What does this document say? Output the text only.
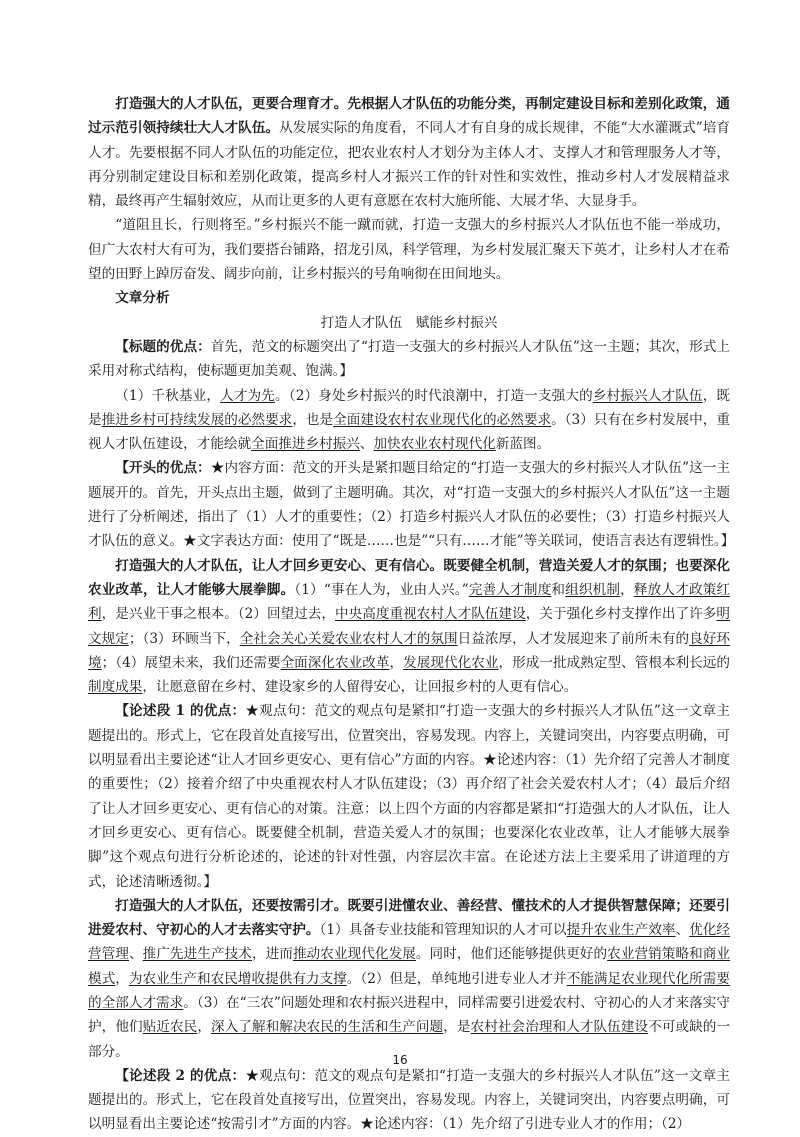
打造强大的人才队伍，更要合理育才。先根据人才队伍的功能分类，再制定建设目标和差别化政策，通过示范引领持续壮大人才队伍。从发展实际的角度看，不同人才有自身的成长规律，不能“大水灌溉式”培育人才。先要根据不同人才队伍的功能定位，把农业农村人才划分为主体人才、支撑人才和管理服务人才等，再分别制定建设目标和差别化政策，提高乡村人才振兴工作的针对性和实效性，推动乡村人才发展精益求精，最终再产生辐射效应，从而让更多的人更有意愿在农村大施所能、大展才华、大显身手。

“道阻且长，行则将至。”乡村振兴不能一蹴而就，打造一支强大的乡村振兴人才队伍也不能一举成功，但广大农村大有可为，我们要搭台铺路，招龙引凤，科学管理，为乡村发展汇聚天下英才，让乡村人才在希望的田野上踔厉奋发、阔步向前，让乡村振兴的号角响彻在田间地头。

文章分析

打造人才队伍　赋能乡村振兴

【标题的优点：首先，范文的标题突出了“打造一支强大的乡村振兴人才队伍”这一主题；其次，形式上采用对称式结构，使标题更加美观、饱满。】

（1）千秋基业，人才为先。（2）身处乡村振兴的时代浪潮中，打造一支强大的乡村振兴人才队伍，既是推进乡村可持续发展的必然要求，也是全面建设农村农业现代化的必然要求。（3）只有在乡村发展中，重视人才队伍建设，才能绘就全面推进乡村振兴、加快农业农村现代化新蓝图。

【开头的优点：★内容方面：范文的开头是紧扣题目给定的“打造一支强大的乡村振兴人才队伍”这一主题展开的。首先，开头点出主题，做到了主题明确。其次，对“打造一支强大的乡村振兴人才队伍”这一主题进行了分析阐述，指出了（1）人才的重要性；（2）打造乡村振兴人才队伍的必要性；（3）打造乡村振兴人才队伍的意义。★文字表达方面：使用了“既是……也是”“只有……才能”等关联词，使语言表达有逻辑性。】

打造强大的人才队伍，让人才回乡更安心、更有信心。既要健全机制，营造关爱人才的氛围；也要深化农业改革，让人才能够大展拳脚。（1）“事在人为，业由人兴。”完善人才制度和组织机制，释放人才政策红利，是兴业干事之根本。（2）回望过去，中央高度重视农村人才队伍建设，关于强化乡村支撑作出了许多明文规定；（3）环顾当下，全社会关心关爱农业农村人才的氛围日益浓厚，人才发展迎来了前所未有的良好环境；（4）展望未来，我们还需要全面深化农业改革，发展现代化农业，形成一批成熟定型、管根本利长远的制度成果，让愿意留在乡村、建设家乡的人留得安心，让回报乡村的人更有信心。

【论述段 1 的优点：★观点句：范文的观点句是紧扣“打造一支强大的乡村振兴人才队伍”这一文章主题提出的。形式上，它在段首处直接写出，位置突出，容易发现。内容上，关键词突出，内容要点明确，可以明显看出主要论述“让人才回乡更安心、更有信心”方面的内容。★论述内容：（1）先介绍了完善人才制度的重要性；（2）接着介绍了中央重视农村人才队伍建设；（3）再介绍了社会关爱农村人才；（4）最后介绍了让人才回乡更安心、更有信心的对策。注意：以上四个方面的内容都是紧扣“打造强大的人才队伍，让人才回乡更安心、更有信心。既要健全机制，营造关爱人才的氛围；也要深化农业改革，让人才能够大展拳脚”这个观点句进行分析论述的，论述的针对性强，内容层次丰富。在论述方法上主要采用了讲道理的方式，论述清晰透彻。】

打造强大的人才队伍，还要按需引才。既要引进懂农业、善经营、懂技术的人才提供智慧保障；还要引进爱农村、守初心的人才去落实守护。（1）具备专业技能和管理知识的人才可以提升农业生产效率、优化经营管理、推广先进生产技术，进而推动农业现代化发展。同时，他们还能够提供更好的农业营销策略和商业模式，为农业生产和农民增收提供有力支撑。（2）但是，单纯地引进专业人才并不能满足农业现代化所需要的全部人才需求。（3）在“三农”问题处理和农村振兴进程中，同样需要引进爱农村、守初心的人才来落实守护，他们贴近农民，深入了解和解决农民的生活和生产问题，是农村社会治理和人才队伍建设不可或缺的一部分。

【论述段 2 的优点：★观点句：范文的观点句是紧扣“打造一支强大的乡村振兴人才队伍”这一文章主题提出的。形式上，它在段首处直接写出，位置突出，容易发现。内容上，关键词突出，内容要点明确，可以明显看出主要论述“按需引才”方面的内容。★论述内容：（1）先介绍了引进专业人才的作用；（2）

16
